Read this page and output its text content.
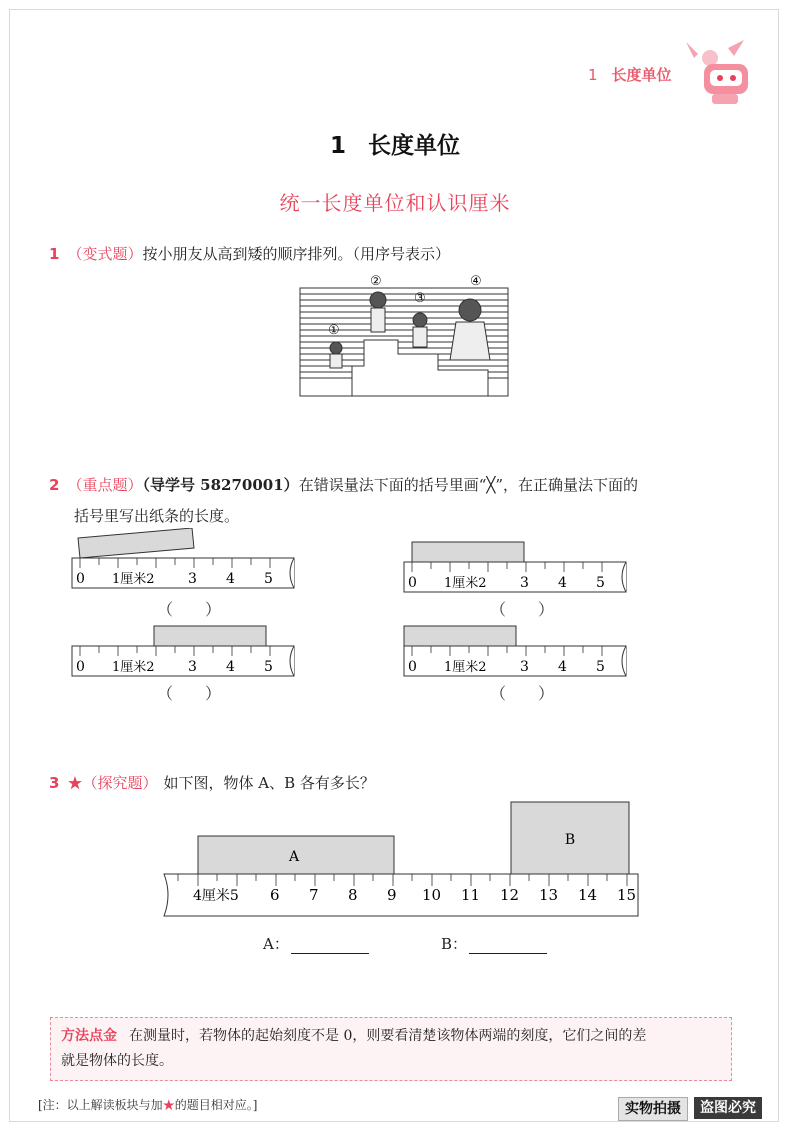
1 长度单位
1 长度单位
统一长度单位和认识厘米
1 （变式题）按小朋友从高到矮的顺序排列。（用序号表示）
①
②
③
④
2 （重点题）（导学号 58270001）在错误量法下面的括号里画“╳”，在正确量法下面的
括号里写出纸条的长度。
0 1厘米2 3 4 5
（　　）
0 1厘米2 3 4 5
（　　）
0 1厘米2 3 4 5
（　　）
0 1厘米2 3 4 5
（　　）
3 ★（探究题） 如下图，物体 A、B 各有多长？
A
B
4厘米5 6 7 8 9 10 11 12 13 14 15
A：	B：
方法点金 在测量时，若物体的起始刻度不是 0，则要看清楚该物体两端的刻度，它们之间的差
就是物体的长度。
[注：以上解读板块与加★的题目相对应。]	实物拍摄	盗图必究
